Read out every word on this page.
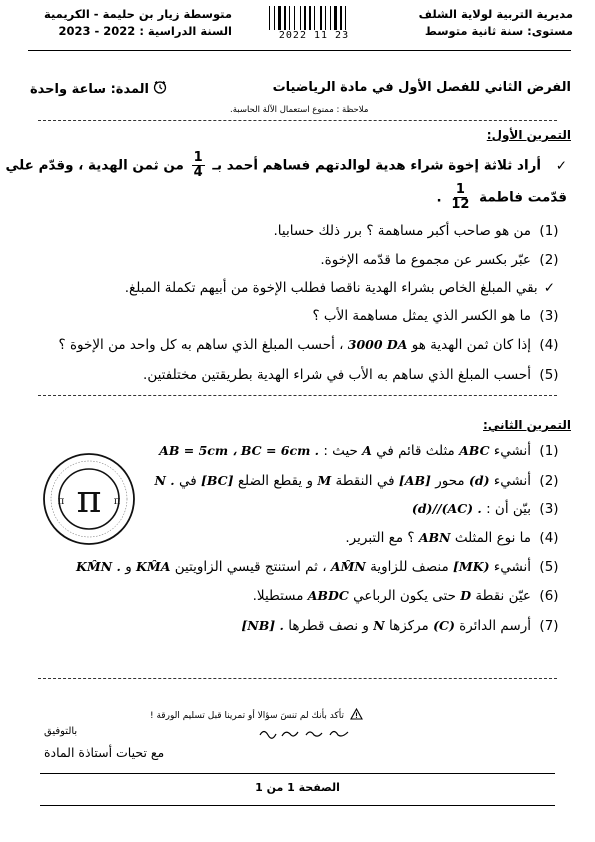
مديرية التربية لولاية الشلف
مستوى: سنة ثانية متوسط
متوسطة زيار بن حليمة - الكريمية
السنة الدراسية : 2022 - 2023	2022 11 23
الفرض الثاني للفصل الأول في مادة الرياضيات
المدة: ساعة واحدة
ملاحظة : ممنوع استعمال الآلة الحاسبة.
التمرين الأول:
✓ أراد ثلاثة إخوة شراء هدية لوالدتهم فساهم أحمد بـ
$\frac{1}{4}$
من ثمن الهدية ، وقدّم علي
قدّمت فاطمة
$\frac{1}{12}$
.
(1)من هو صاحب أكبر مساهمة ؟ برر ذلك حسابيا.
(2)عبّر بكسر عن مجموع ما قدّمه الإخوة.
✓بقي المبلغ الخاص بشراء الهدية ناقصا فطلب الإخوة من أبيهم تكملة المبلغ.
(3)ما هو الكسر الذي يمثل مساهمة الأب ؟
(4)إذا كان ثمن الهدية هو 3000 DA ، أحسب المبلغ الذي ساهم به كل واحد من الإخوة ؟
(5)أحسب المبلغ الذي ساهم به الأب في شراء الهدية بطريقتين مختلفتين.
التمرين الثاني:
(1)أنشيء ABC مثلث قائم في A حيث : AB = 5cm ، BC = 6cm .
(2)أنشيء (d) محور [AB] في النقطة M و يقطع الضلع [BC] في N .
(3)بيّن أن : (d)//(AC) .
(4)ما نوع المثلث ABN ؟ مع التبرير.
(5)أنشيء [MK) منصف للزاوية AM̂N ، ثم استنتج قيسي الزاويتين KM̂A و KM̂N .
(6)عيّن نقطة D حتى يكون الرباعي ABDC مستطيلا.
(7)أرسم الدائرة (C) مركزها N و نصف قطرها [NB] .
π
π	π
تأكد بأنك لم تنسَ سؤالا أو تمرينا قبل تسليم الورقة !
بالتوفيق
مع تحيات أستاذة المادة
الصفحة 1 من 1
